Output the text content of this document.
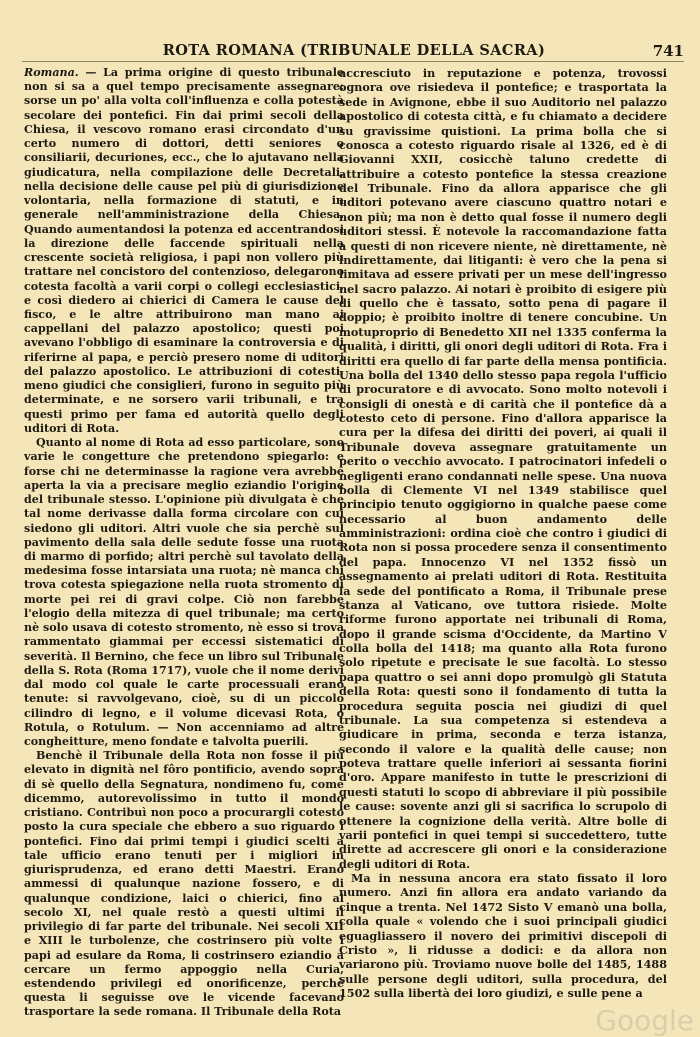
ROTA ROMANA (TRIBUNALE DELLA SACRA)	741

Romana. — La prima origine di questo tribunale non si sa a quel tempo precisamente assegnare: sorse un po' alla volta coll'influenza e colla potestà secolare dei pontefici. Fin dai primi secoli della Chiesa, il vescovo romano erasi circondato d'un certo numero di dottori, detti seniores o consiliarii, decuriones, ecc., che lo ajutavano nella giudicatura, nella compilazione delle Decretali, nella decisione delle cause pel più di giurisdizione volontaria, nella formazione di statuti, e in generale nell'amministrazione della Chiesa. Quando aumentandosi la potenza ed accentrandosi la direzione delle faccende spirituali nella crescente società religiosa, i papi non vollero più trattare nel concistoro del contenzioso, delegarono cotesta facoltà a varii corpi o collegi ecclesiastici, e così diedero ai chierici di Camera le cause del fisco, e le altre attribuirono man mano ai cappellani del palazzo apostolico; questi poi avevano l'obbligo di esaminare la controversia e di riferirne al papa, e perciò presero nome di uditori del palazzo apostolico. Le attribuzioni di cotesti, meno giudici che consiglieri, furono in seguito più determinate, e ne sorsero varii tribunali, e tra questi primo per fama ed autorità quello degli uditori di Rota.

Quanto al nome di Rota ad esso particolare, sono varie le congetture che pretendono spiegarlo: e forse chi ne determinasse la ragione vera avrebbe aperta la via a precisare meglio eziandio l'origine del tribunale stesso. L'opinione più divulgata è che tal nome derivasse dalla forma circolare con cui siedono gli uditori. Altri vuole che sia perchè sul pavimento della sala delle sedute fosse una ruota di marmo di porfido; altri perchè sul tavolato della medesima fosse intarsiata una ruota; nè manca chi trova cotesta spiegazione nella ruota stromento di morte pei rei di gravi colpe. Ciò non farebbe l'elogio della mitezza di quel tribunale; ma certo nè solo usava di cotesto stromento, nè esso si trova rammentato giammai per eccessi sistematici di severità. Il Bernino, che fece un libro sul Tribunale della S. Rota (Roma 1717), vuole che il nome derivi dal modo col quale le carte processuali erano tenute: si ravvolgevano, cioè, su di un piccolo cilindro di legno, e il volume dicevasi Rota, o Rotula, o Rotulum. — Non accenniamo ad altre congheitture, meno fondate e talvolta puerili.

Benchè il Tribunale della Rota non fosse il più elevato in dignità nel fôro pontificio, avendo sopra di sè quello della Segnatura, nondimeno fu, come dicemmo, autorevolissimo in tutto il mondo cristiano. Contribuì non poco a procurargli cotesto posto la cura speciale che ebbero a suo riguardo i pontefici. Fino dai primi tempi i giudici scelti a tale ufficio erano tenuti per i migliori in giurisprudenza, ed erano detti Maestri. Erano ammessi di qualunque nazione fossero, e di qualunque condizione, laici o chierici, fino al secolo XI, nel quale restò a questi ultimi il privilegio di far parte del tribunale. Nei secoli XII e XIII le turbolenze, che costrinsero più volte i papi ad esulare da Roma, li costrinsero eziandio a cercare un fermo appoggio nella Curia, estendendo privilegi ed onorificenze, perchè questa li seguisse ove le vicende facevano trasportare la sede romana. Il Tribunale della Rota

accresciuto in reputazione e potenza, trovossi ognora ove risiedeva il pontefice; e trasportata la sede in Avignone, ebbe il suo Auditorio nel palazzo apostolico di cotesta città, e fu chiamato a decidere su gravissime quistioni. La prima bolla che si conosca a cotesto riguardo risale al 1326, ed è di Giovanni XXII, cosicchè taluno credette di attribuire a cotesto pontefice la stessa creazione del Tribunale. Fino da allora apparisce che gli uditori potevano avere ciascuno quattro notari e non più; ma non è detto qual fosse il numero degli uditori stessi. È notevole la raccomandazione fatta a questi di non ricevere niente, nè direttamente, nè indirettamente, dai litiganti: è vero che la pena si limitava ad essere privati per un mese dell'ingresso nel sacro palazzo. Ai notari è proibito di esigere più di quello che è tassato, sotto pena di pagare il doppio; è proibito inoltre di tenere concubine. Un motuproprio di Benedetto XII nel 1335 conferma la qualità, i diritti, gli onori degli uditori di Rota. Fra i diritti era quello di far parte della mensa pontificia. Una bolla del 1340 dello stesso papa regola l'ufficio di procuratore e di avvocato. Sono molto notevoli i consigli di onestà e di carità che il pontefice dà a cotesto ceto di persone. Fino d'allora apparisce la cura per la difesa dei diritti dei poveri, ai quali il Tribunale doveva assegnare gratuitamente un perito o vecchio avvocato. I patrocinatori infedeli o negligenti erano condannati nelle spese. Una nuova bolla di Clemente VI nel 1349 stabilisce quel principio tenuto oggigiorno in qualche paese come necessario al buon andamento delle amministrazioni: ordina cioè che contro i giudici di Rota non si possa procedere senza il consentimento del papa. Innocenzo VI nel 1352 fissò un assegnamento ai prelati uditori di Rota. Restituita la sede del pontificato a Roma, il Tribunale prese stanza al Vaticano, ove tuttora risiede. Molte riforme furono apportate nei tribunali di Roma, dopo il grande scisma d'Occidente, da Martino V colla bolla del 1418; ma quanto alla Rota furono solo ripetute e precisate le sue facoltà. Lo stesso papa quattro o sei anni dopo promulgò gli Statuta della Rota: questi sono il fondamento di tutta la procedura seguita poscia nei giudizi di quel tribunale. La sua competenza si estendeva a giudicare in prima, seconda e terza istanza, secondo il valore e la qualità delle cause; non poteva trattare quelle inferiori ai sessanta fiorini d'oro. Appare manifesto in tutte le prescrizioni di questi statuti lo scopo di abbreviare il più possibile le cause: sovente anzi gli si sacrifica lo scrupolo di ottenere la cognizione della verità. Altre bolle di varii pontefici in quei tempi si succedettero, tutte dirette ad accrescere gli onori e la considerazione degli uditori di Rota.

Ma in nessuna ancora era stato fissato il loro numero. Anzi fin allora era andato variando da cinque a trenta. Nel 1472 Sisto V emanò una bolla, colla quale « volendo che i suoi principali giudici eguagliassero il novero dei primitivi discepoli di Cristo », li ridusse a dodici: e da allora non variarono più. Troviamo nuove bolle del 1485, 1488 sulle persone degli uditori, sulla procedura, del 1502 sulla libertà dei loro giudizi, e sulle pene a

Google
